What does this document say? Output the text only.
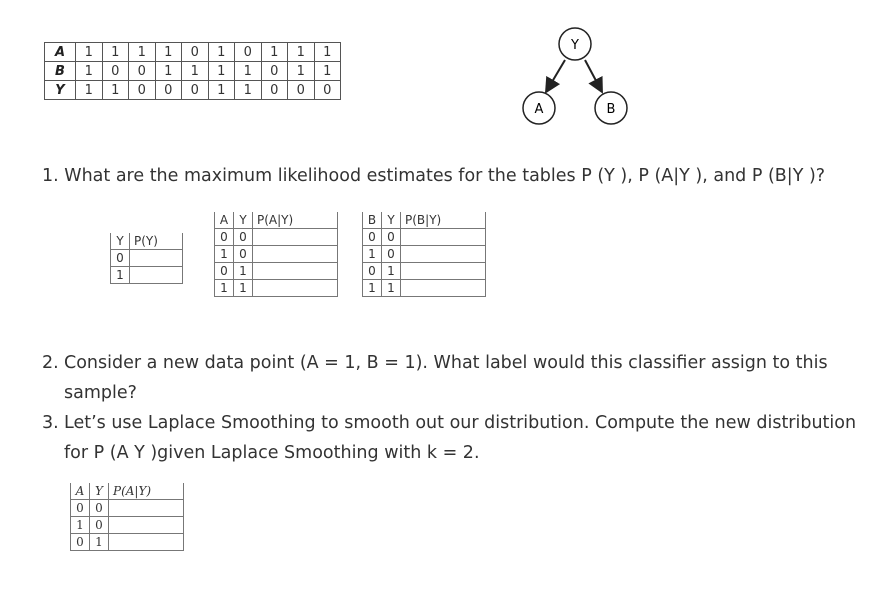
A	1	1	1	1	0	1	0	1	1	1
B	1	0	0	1	1	1	1	0	1	1
Y	1	1	0	0	0	1	1	0	0	0
Y
A	B
1. What are the maximum likelihood estimates for the tables P (Y ), P (A|Y ), and P (B|Y )?
Y	P(Y)
0	
1	
A	Y	P(A|Y)
0	0	
1	0	
0	1	
1	1	
B	Y	P(B|Y)
0	0	
1	0	
0	1	
1	1	
2. Consider a new data point (A = 1, B = 1). What label would this classifier assign to this
sample?
3. Let’s use Laplace Smoothing to smooth out our distribution. Compute the new distribution
for P (A Y )given Laplace Smoothing with k = 2.
A	Y	P(A|Y)
0	0	
1	0	
0	1	
